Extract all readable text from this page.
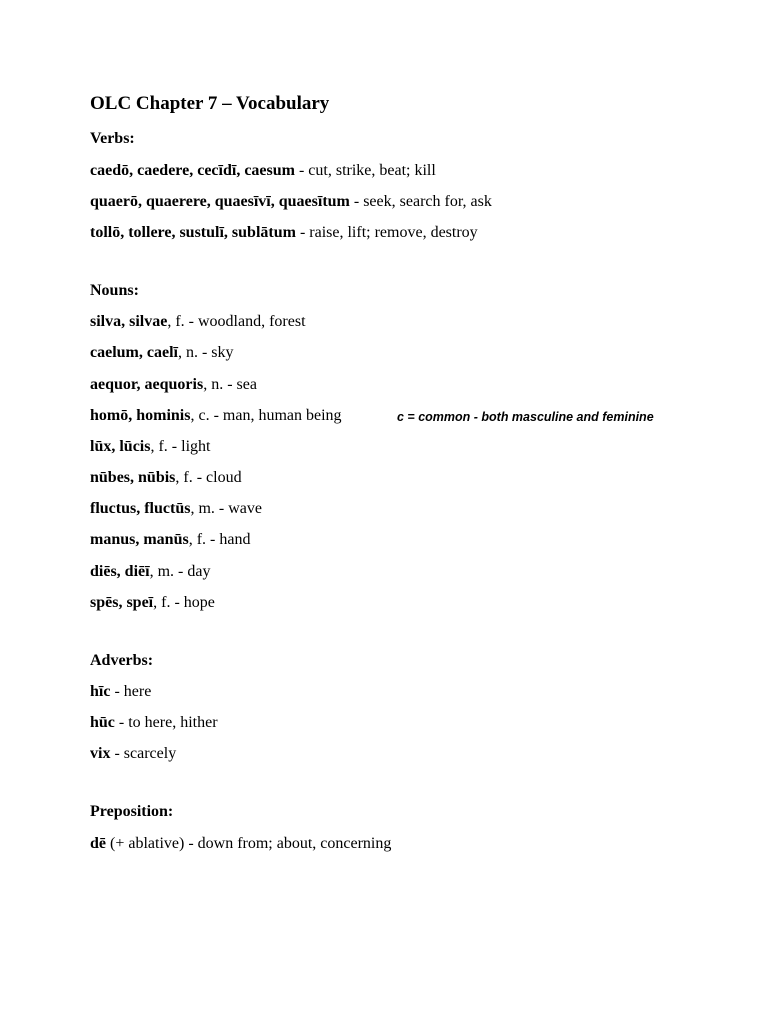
OLC Chapter 7 – Vocabulary
Verbs:
caedō, caedere, cecīdī, caesum - cut, strike, beat; kill
quaerō, quaerere, quaesīvī, quaesītum - seek, search for, ask
tollō, tollere, sustulī, sublātum - raise, lift; remove, destroy
Nouns:
silva, silvae, f. - woodland, forest
caelum, caelī, n. - sky
aequor, aequoris, n. - sea
homō, hominis, c. - man, human being	c = common - both masculine and feminine
lūx, lūcis, f. - light
nūbes, nūbis, f. - cloud
fluctus, fluctūs, m. - wave
manus, manūs, f. - hand
diēs, diēī, m. - day
spēs, speī, f. - hope
Adverbs:
hīc - here
hūc - to here, hither
vix - scarcely
Preposition:
dē (+ ablative) - down from; about, concerning
